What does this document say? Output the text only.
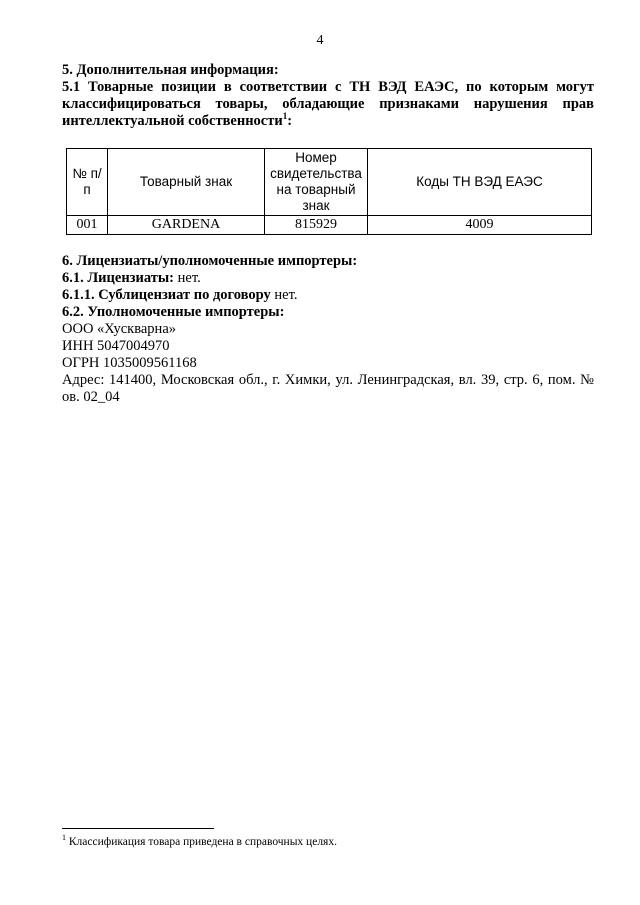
4
5. Дополнительная информация:
5.1 Товарные позиции в соответствии с ТН ВЭД ЕАЭС, по которым могут классифицироваться товары, обладающие признаками нарушения прав интеллектуальной собственности$^1$:
№ п/п	Товарный знак	Номер свидетельства на товарный знак	Коды ТН ВЭД ЕАЭС
001	GARDENA	815929	4009
6. Лицензиаты/уполномоченные импортеры:
6.1. Лицензиаты: нет.
6.1.1. Сублицензиат по договору нет.
6.2. Уполномоченные импортеры:
ООО «Хускварна»
ИНН 5047004970
ОГРН 1035009561168
Адрес: 141400, Московская обл., г. Химки, ул. Ленинградская, вл. 39, стр. 6, пом. № ов. 02_04
$^1$ Классификация товара приведена в справочных целях.
